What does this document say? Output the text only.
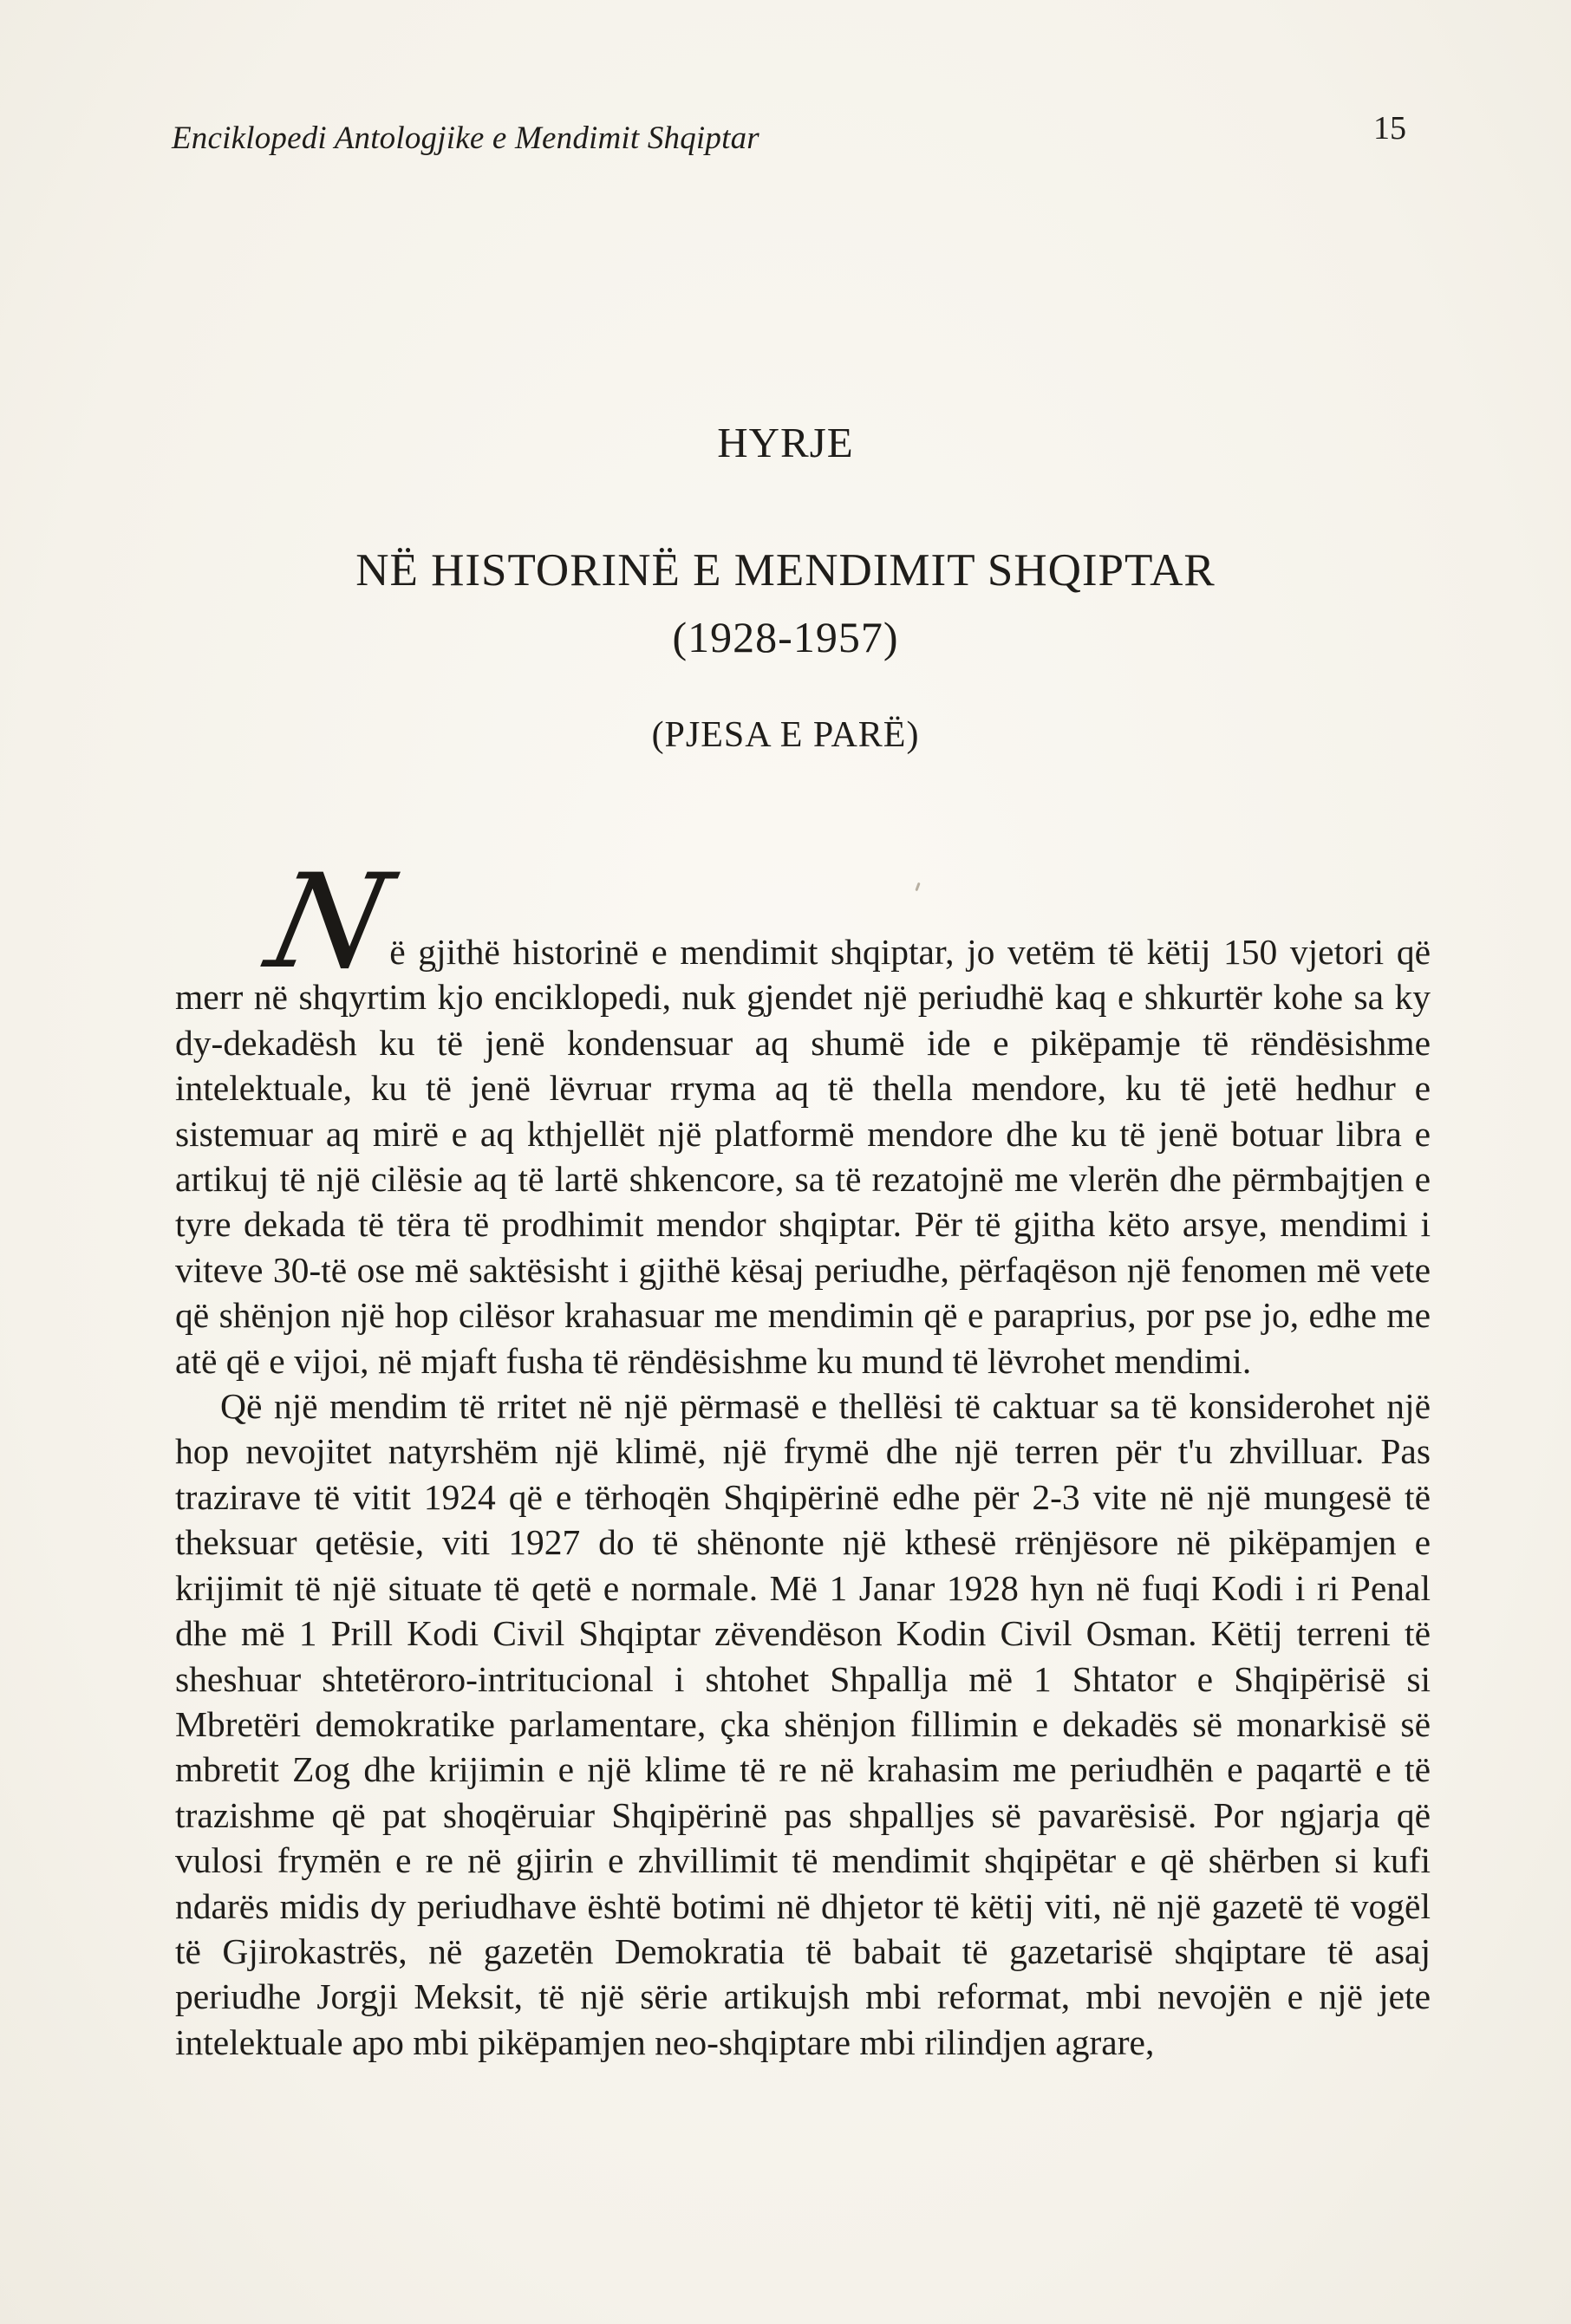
Enciklopedi Antologjike e Mendimit Shqiptar	15
HYRJE
NË HISTORINË E MENDIMIT SHQIPTAR
(1928-1957)
(PJESA E PARË)

N
ë gjithë historinë e mendimit shqiptar, jo vetëm të këtij 150 vjetori që merr në shqyrtim kjo enciklopedi, nuk gjendet një periudhë kaq e shkurtër kohe sa ky dy-dekadësh ku të jenë kondensuar aq shumë ide e pikëpamje të rëndësishme intelektuale, ku të jenë lëvruar rryma aq të thella mendore, ku të jetë hedhur e sistemuar aq mirë e aq kthjellët një platformë mendore dhe ku të jenë botuar libra e artikuj të një cilësie aq të lartë shkencore, sa të rezatojnë me vlerën dhe përmbajtjen e tyre dekada të tëra të prodhimit mendor shqiptar. Për të gjitha këto arsye, mendimi i viteve 30-të ose më saktësisht i gjithë kësaj periudhe, përfaqëson një fenomen më vete që shënjon një hop cilësor krahasuar me mendimin që e paraprius, por pse jo, edhe me atë që e vijoi, në mjaft fusha të rëndësishme ku mund të lëvrohet mendimi.

Që një mendim të rritet në një përmasë e thellësi të caktuar sa të konsiderohet një hop nevojitet natyrshëm një klimë, një frymë dhe një terren për t'u zhvilluar. Pas trazirave të vitit 1924 që e tërhoqën Shqipërinë edhe për 2-3 vite në një mungesë të theksuar qetësie, viti 1927 do të shënonte një kthesë rrënjësore në pikëpamjen e krijimit të një situate të qetë e normale. Më 1 Janar 1928 hyn në fuqi Kodi i ri Penal dhe më 1 Prill Kodi Civil Shqiptar zëvendëson Kodin Civil Osman. Këtij terreni të sheshuar shtetëroro-intritucional i shtohet Shpallja më 1 Shtator e Shqipërisë si Mbretëri demokratike parlamentare, çka shënjon fillimin e dekadës së monarkisë së mbretit Zog dhe krijimin e një klime të re në krahasim me periudhën e paqartë e të trazishme që pat shoqëruiar Shqipërinë pas shpalljes së pavarësisë. Por ngjarja që vulosi frymën e re në gjirin e zhvillimit të mendimit shqipëtar e që shërben si kufi ndarës midis dy periudhave është botimi në dhjetor të këtij viti, në një gazetë të vogël të Gjirokastrës, në gazetën Demokratia të babait të gazetarisë shqiptare të asaj periudhe Jorgji Meksit, të një sërie artikujsh mbi reformat, mbi nevojën e një jete intelektuale apo mbi pikëpamjen neo-shqiptare mbi rilindjen agrare,
